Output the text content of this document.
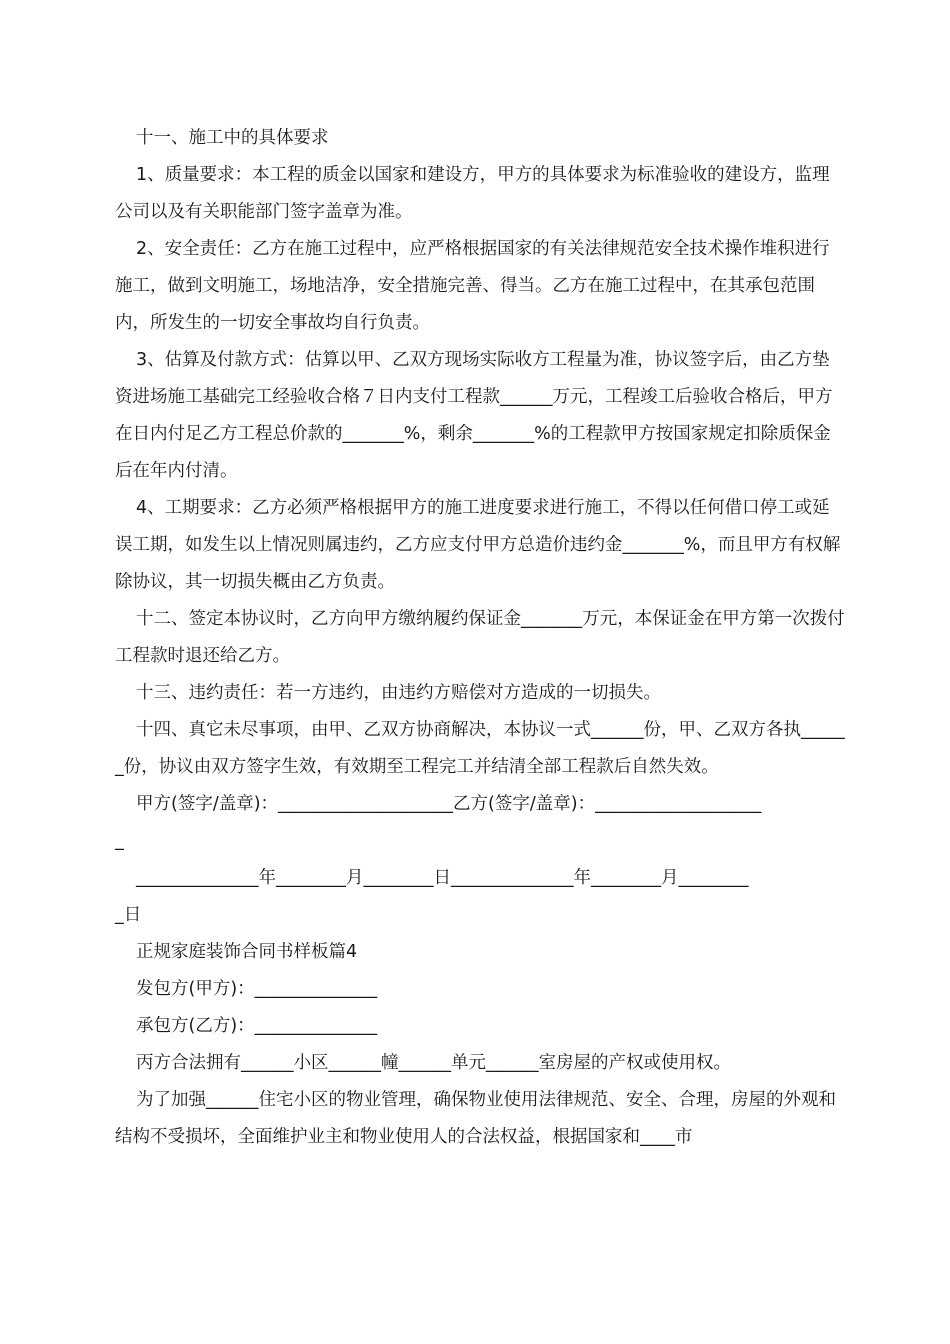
十一、施工中的具体要求

1、质量要求：本工程的质金以国家和建设方，甲方的具体要求为标准验收的建设方，监理公司以及有关职能部门签字盖章为准。

2、安全责任：乙方在施工过程中，应严格根据国家的有关法律规范安全技术操作堆积进行施工，做到文明施工，场地洁净，安全措施完善、得当。乙方在施工过程中，在其承包范围内，所发生的一切安全事故均自行负责。

3、估算及付款方式：估算以甲、乙双方现场实际收方工程量为准，协议签字后，由乙方垫资进场施工基础完工经验收合格７日内支付工程款______万元，工程竣工后验收合格后，甲方在日内付足乙方工程总价款的_______%，剩余_______%的工程款甲方按国家规定扣除质保金后在年内付清。

4、工期要求：乙方必须严格根据甲方的施工进度要求进行施工，不得以任何借口停工或延误工期，如发生以上情况则属违约，乙方应支付甲方总造价违约金_______%，而且甲方有权解除协议，其一切损失概由乙方负责。

十二、签定本协议时，乙方向甲方缴纳履约保证金_______万元，本保证金在甲方第一次拨付工程款时退还给乙方。

十三、违约责任：若一方违约，由违约方赔偿对方造成的一切损失。

十四、真它未尽事项，由甲、乙双方协商解决，本协议一式______份，甲、乙双方各执______份，协议由双方签字生效，有效期至工程完工并结清全部工程款后自然失效。

甲方(签字/盖章)：____________________乙方(签字/盖章)：___________________

_

______________年________月________日______________年________月________

_日

正规家庭装饰合同书样板篇4

发包方(甲方)：______________

承包方(乙方)：______________

丙方合法拥有______小区______幢______单元______室房屋的产权或使用权。

为了加强______住宅小区的物业管理，确保物业使用法律规范、安全、合理，房屋的外观和结构不受损坏，全面维护业主和物业使用人的合法权益，根据国家和____市
